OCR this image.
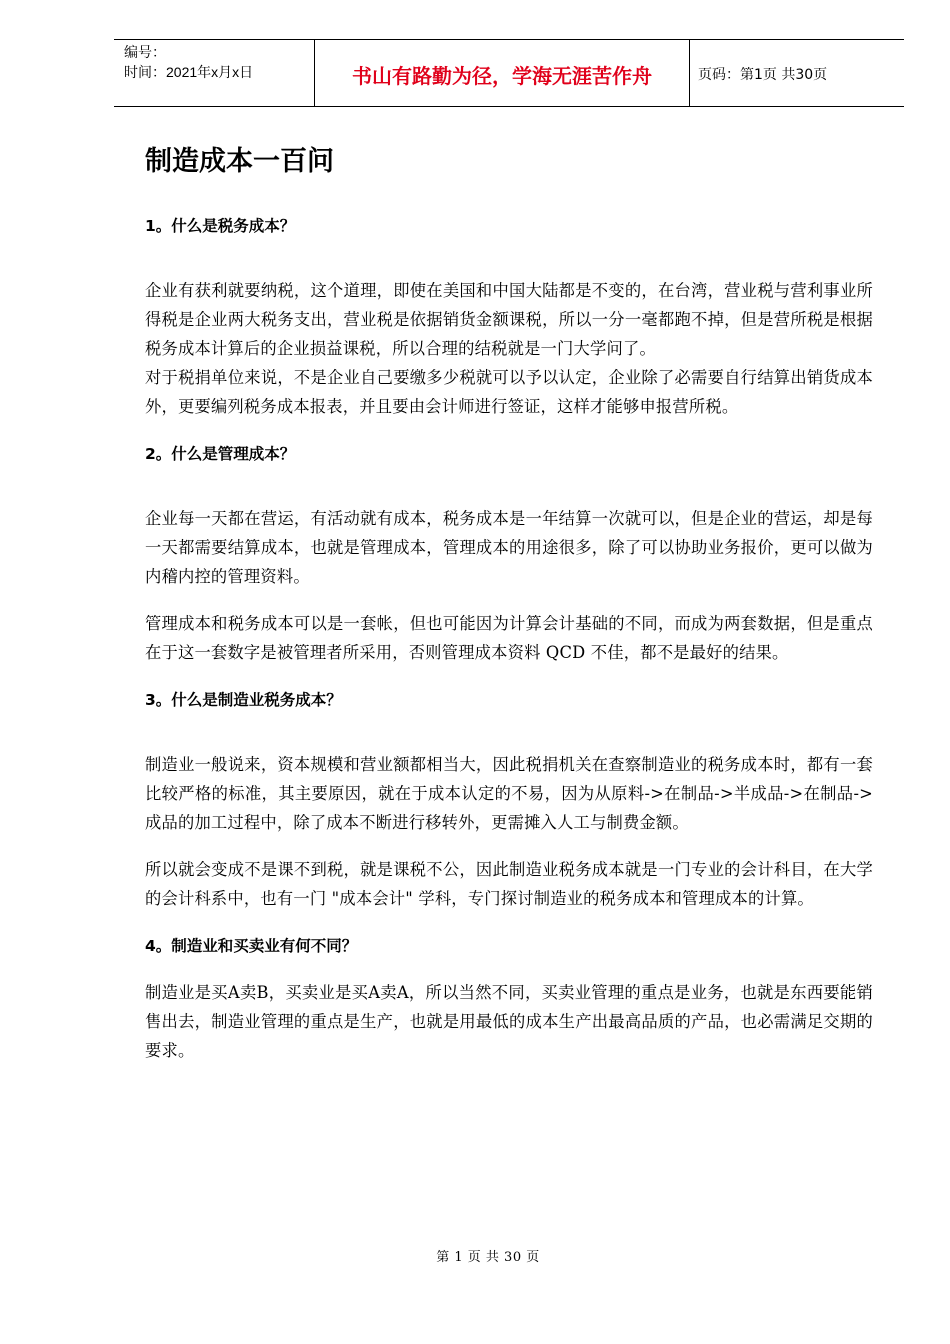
编号：
时间：2021年x月x日	书山有路勤为径，学海无涯苦作舟	页码：第1页 共30页
制造成本一百问

1。什么是税务成本？

企业有获利就要纳税，这个道理，即使在美国和中国大陆都是不变的，在台湾，营业税与营利事业所得税是企业两大税务支出，营业税是依据销货金额课税，所以一分一毫都跑不掉，但是营所税是根据税务成本计算后的企业损益课税，所以合理的结税就是一门大学问了。

对于税捐单位来说，不是企业自己要缴多少税就可以予以认定，企业除了必需要自行结算出销货成本外，更要编列税务成本报表，并且要由会计师进行签证，这样才能够申报营所税。

2。什么是管理成本？

企业每一天都在营运，有活动就有成本，税务成本是一年结算一次就可以，但是企业的营运，却是每一天都需要结算成本，也就是管理成本，管理成本的用途很多，除了可以协助业务报价，更可以做为内稽内控的管理资料。

管理成本和税务成本可以是一套帐，但也可能因为计算会计基础的不同，而成为两套数据，但是重点在于这一套数字是被管理者所采用，否则管理成本资料 QCD 不佳，都不是最好的结果。

3。什么是制造业税务成本？

制造业一般说来，资本规模和营业额都相当大，因此税捐机关在查察制造业的税务成本时，都有一套比较严格的标准，其主要原因，就在于成本认定的不易，因为从原料->在制品->半成品->在制品->成品的加工过程中，除了成本不断进行移转外，更需摊入人工与制费金额。

所以就会变成不是课不到税，就是课税不公，因此制造业税务成本就是一门专业的会计科目，在大学的会计科系中，也有一门 "成本会计" 学科，专门探讨制造业的税务成本和管理成本的计算。

4。制造业和买卖业有何不同？

制造业是买A卖B，买卖业是买A卖A，所以当然不同，买卖业管理的重点是业务，也就是东西要能销售出去，制造业管理的重点是生产，也就是用最低的成本生产出最高品质的产品，也必需满足交期的要求。

第 1 页 共 30 页
